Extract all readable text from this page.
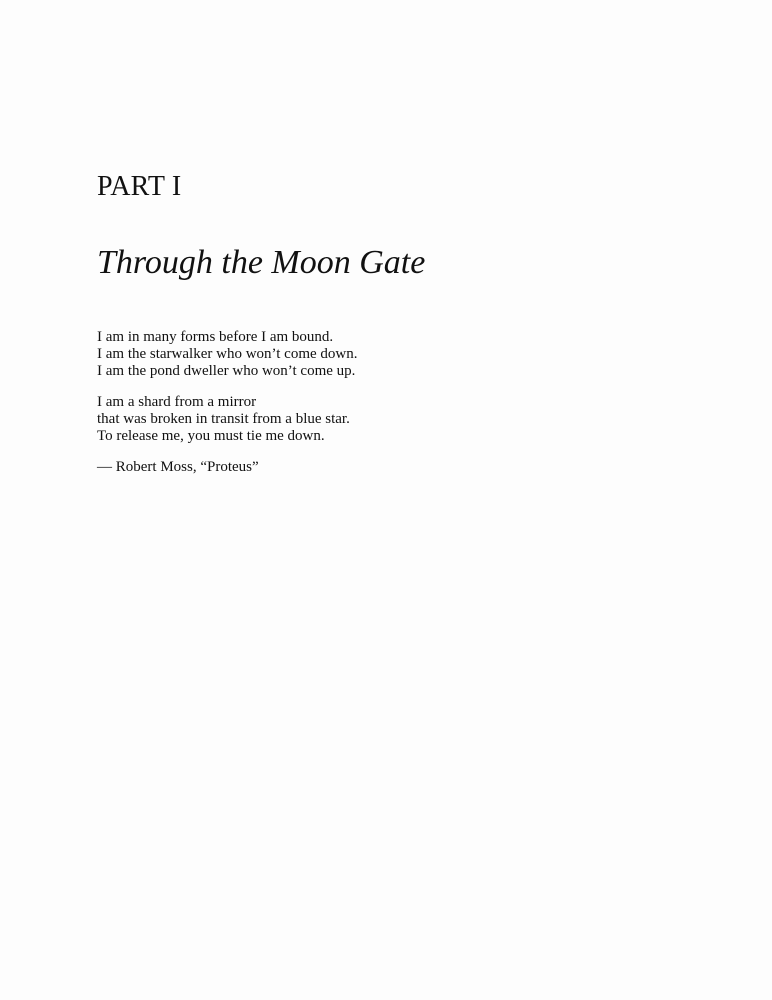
PART I
Through the Moon Gate

I am in many forms before I am bound.
I am the starwalker who won’t come down.
I am the pond dweller who won’t come up.

I am a shard from a mirror
that was broken in transit from a blue star.
To release me, you must tie me down.

— Robert Moss, “Proteus”
